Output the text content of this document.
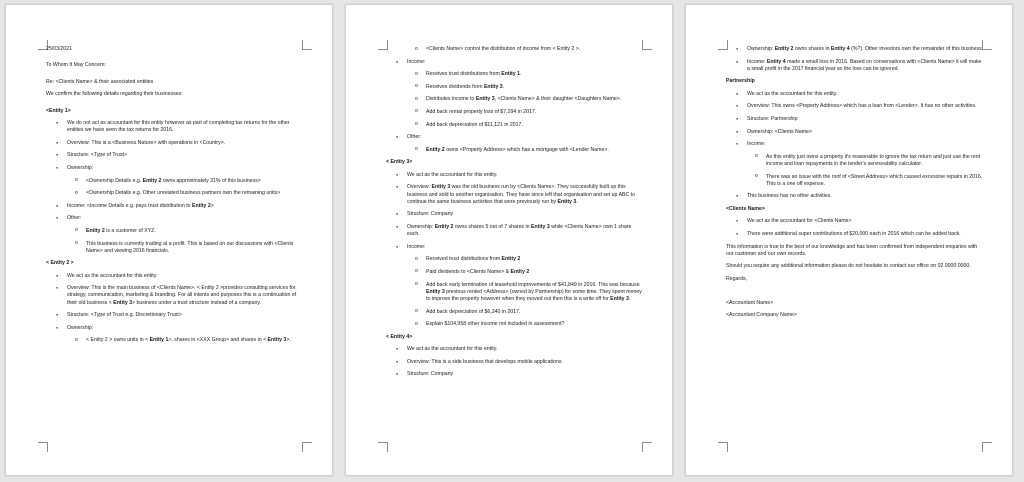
25/03/2021

To Whom It May Concern:

Re: <Clients Name> & their associated entities

We confirm the following details regarding their businesses:

<Entity 1>
● We do not act as accountant for this entity however as part of completing tax returns for the other entities we have seen the tax returns for 2016.
● Overview: This is a <Business Nature> with operations in <Country>.
● Structure: <Type of Trust>
● Ownership:
o <Ownership Details e.g. Entity 2 owns approximately 31% of this business>
o <Ownership Details e.g. Other unrelated business partners own the remaining units>
● Income: <Income Details e.g. pays trust distribution to Entity 2>
● Other:
o Entity 2 is a customer of XYZ.
o This business is currently trading at a profit. This is based on our discussions with <Clients Name> and viewing 2016 financials.
< Entity 2 >
● We act as the accountant for this entity.
● Overview: This is the main business of <Clients Name>. < Entity 2 >provides consulting services for strategy, communication, marketing & branding. For all intents and purposes this is a continuation of their old business < Entity 3> business under a trust structure instead of a company.
● Structure: <Type of Trust e.g. Discretionary Trust>
● Ownership:
o < Entity 2 > owns units in < Entity 1>, shares in <XXX Group> and shares in < Entity 3>.
o <Clients Name> control the distribution of income from < Entity 2 >.
● Income:
o Receives trust distributions from Entity 1.
o Receives dividends from Entity 3.
o Distributes income to Entity 3, <Clients Name> & their daughter <Daughters Name>.
o Add back rental property loss of $7,294 in 2017.
o Add back depreciation of $11,121 in 2017.
● Other:
o Entity 2 owns <Property Address> which has a mortgage with <Lender Name>.
< Entity 3>
● We act as the accountant for this entity.
● Overview: Entity 3 was the old business run by <Clients Name>. They successfully built up this business and sold to another organisation. They have since left that organisation and set up ABC to continue the same business activities that were previously run by Entity 3.
● Structure: Company
● Ownership: Entity 2 owns shares 5 out of 7 shares in Entity 3 while <Clients Name> own 1 share each.
● Income:
o Received trust distributions from Entity 2
o Paid dividends to <Clients Name> & Entity 2
o Add back early termination of leasehold improvements of $41,849 in 2016. This was because Entity 3 previous rented <Address> (owned by Partnership) for some time. They spent money to improve the property however when they moved out then this is a write off for Entity 3.
o Add back depreciation of $6,240 in 2017.
o Explain $104,958 other income not included in assessment?
< Entity 4>
● We act as the accountant for this entity.
● Overview: This is a side business that develops mobile applications.
● Structure: Company
● Ownership: Entity 2 owns shares in Entity 4 (%?). Other investors own the remainder of this business.
● Income: Entity 4 made a small loss in 2016. Based on conversations with <Clients Name> it will make a small profit in the 2017 financial year so the loss can be ignored.
Partnership
● We act as the accountant for this entity.
● Overview: This owns <Property Address> which has a loan from <Lender>. It has no other activities.
● Structure: Partnership
● Ownership: <Clients Name>
● Income:
o As this entity just owns a property it's reasonable to ignore the tax return and just use the rent income and loan repayments in the lender's serviceability calculator.
o There was an issue with the roof of <Street Address> which caused excessive repairs in 2016. This is a one off expense.
● This business has no other activities.
<Clients Name>
● We act as the accountant for <Clients Name>
● There were additional super contributions of $20,000 each in 2016 which can be added back.

This information is true to the best of our knowledge and has been confirmed from independent enquiries with our customer and our own records.

Should you require any additional information please do not hesitate to contact our office on 02 0000 0000.

Regards,

<Accountant Name>

<Accountant Company Name>
